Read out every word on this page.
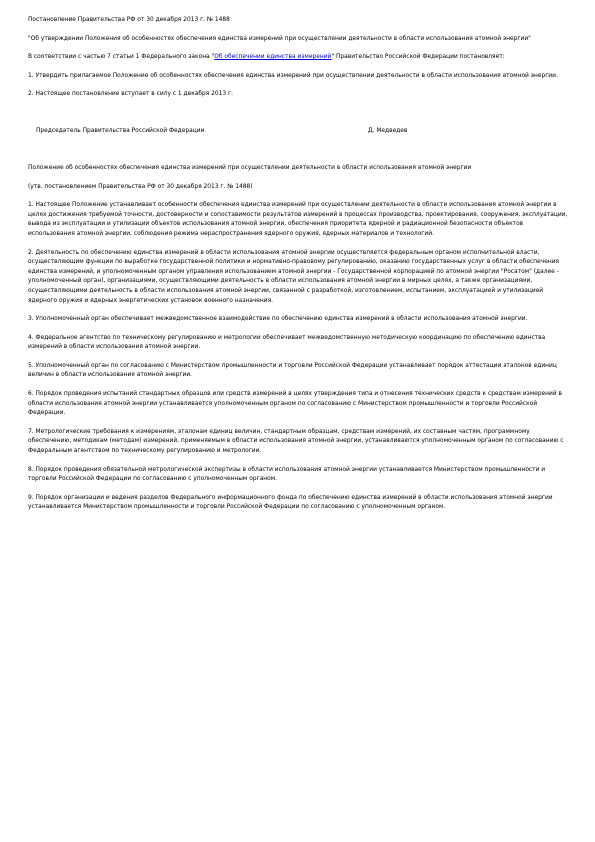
Постановление Правительства РФ от 30 декабря 2013 г. № 1488

"Об утверждении Положения об особенностях обеспечения единства измерений при осуществлении деятельности в области использования атомной энергии"

В соответствии с частью 7 статьи 1 Федерального закона "Об обеспечении единства измерений" Правительство Российской Федерации постановляет:

1. Утвердить прилагаемое Положение об особенностях обеспечения единства измерений при осуществлении деятельности в области использования атомной энергии.

2. Настоящее постановление вступает в силу с 1 декабря 2013 г.

Председатель Правительства Российской Федерации	Д. Медведев

Положение об особенностях обеспечения единства измерений при осуществлении деятельности в области использования атомной энергии

(утв. постановлением Правительства РФ от 30 декабря 2013 г. № 1488)

1. Настоящее Положение устанавливает особенности обеспечения единства измерений при осуществлении деятельности в области использования атомной энергии в целях достижения требуемой точности, достоверности и сопоставимости результатов измерений в процессах производства, проектирования, сооружения, эксплуатации, вывода из эксплуатации и утилизации объектов использования атомной энергии, обеспечения приоритета ядерной и радиационной безопасности объектов использования атомной энергии, соблюдения режима нераспространения ядерного оружия, ядерных материалов и технологий.

2. Деятельность по обеспечению единства измерений в области использования атомной энергии осуществляется федеральным органом исполнительной власти, осуществляющим функции по выработке государственной политики и нормативно-правовому регулированию, оказанию государственных услуг в области обеспечения единства измерений, и уполномоченным органом управления использованием атомной энергии - Государственной корпорацией по атомной энергии "Росатом" (далее - уполномоченный орган), организациями, осуществляющими деятельность в области использования атомной энергии в мирных целях, а также организациями, осуществляющими деятельность в области использования атомной энергии, связанной с разработкой, изготовлением, испытанием, эксплуатацией и утилизацией ядерного оружия и ядерных энергетических установок военного назначения.

3. Уполномоченный орган обеспечивает межведомственное взаимодействие по обеспечению единства измерений в области использования атомной энергии.

4. Федеральное агентство по техническому регулированию и метрологии обеспечивает межведомственную методическую координацию по обеспечению единства измерений в области использования атомной энергии.

5. Уполномоченный орган по согласованию с Министерством промышленности и торговли Российской Федерации устанавливает порядок аттестации эталонов единиц величин в области использования атомной энергии.

6. Порядок проведения испытаний стандартных образцов или средств измерений в целях утверждения типа и отнесения технических средств к средствам измерений в области использования атомной энергии устанавливается уполномоченным органом по согласованию с Министерством промышленности и торговли Российской Федерации.

7. Метрологические требования к измерениям, эталонам единиц величин, стандартным образцам, средствам измерений, их составным частям, программному обеспечению, методикам (методам) измерений, применяемым в области использования атомной энергии, устанавливаются уполномоченным органом по согласованию с Федеральным агентством по техническому регулированию и метрологии.

8. Порядок проведения обязательной метрологической экспертизы в области использования атомной энергии устанавливается Министерством промышленности и торговли Российской Федерации по согласованию с уполномоченным органом.

9. Порядок организации и ведения разделов Федерального информационного фонда по обеспечению единства измерений в области использования атомной энергии устанавливается Министерством промышленности и торговли Российской Федерации по согласованию с уполномоченным органом.
